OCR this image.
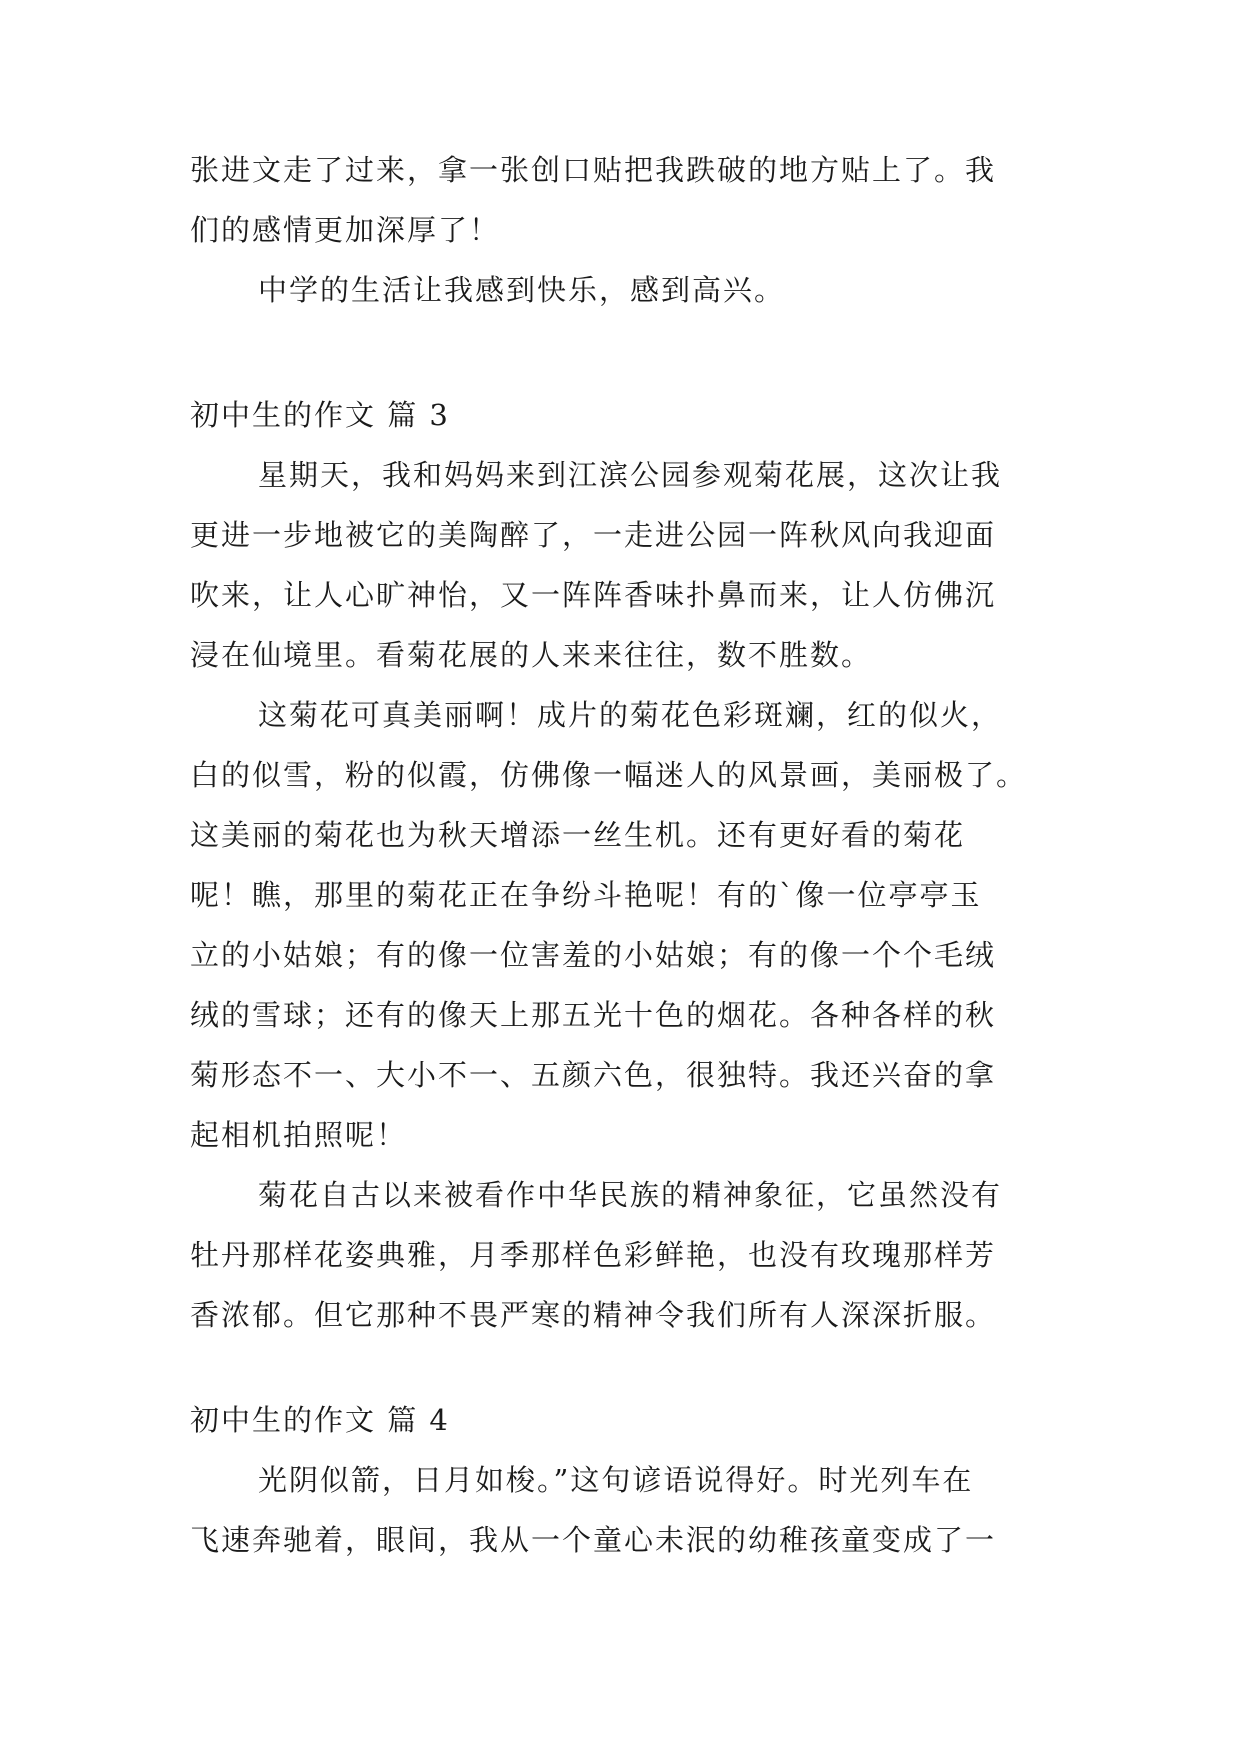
张进文走了过来，拿一张创口贴把我跌破的地方贴上了。我
们的感情更加深厚了！
中学的生活让我感到快乐，感到高兴。
初中生的作文 篇 3
星期天，我和妈妈来到江滨公园参观菊花展，这次让我
更进一步地被它的美陶醉了，一走进公园一阵秋风向我迎面
吹来，让人心旷神怡，又一阵阵香味扑鼻而来，让人仿佛沉
浸在仙境里。看菊花展的人来来往往，数不胜数。
这菊花可真美丽啊！成片的菊花色彩斑斓，红的似火，
白的似雪，粉的似霞，仿佛像一幅迷人的风景画，美丽极了。
这美丽的菊花也为秋天增添一丝生机。还有更好看的菊花
呢！瞧，那里的菊花正在争纷斗艳呢！有的`像一位亭亭玉
立的小姑娘；有的像一位害羞的小姑娘；有的像一个个毛绒
绒的雪球；还有的像天上那五光十色的烟花。各种各样的秋
菊形态不一、大小不一、五颜六色，很独特。我还兴奋的拿
起相机拍照呢！
菊花自古以来被看作中华民族的精神象征，它虽然没有
牡丹那样花姿典雅，月季那样色彩鲜艳，也没有玫瑰那样芳
香浓郁。但它那种不畏严寒的精神令我们所有人深深折服。
初中生的作文 篇 4
光阴似箭，日月如梭。”这句谚语说得好。时光列车在
飞速奔驰着，眼间，我从一个童心未泯的幼稚孩童变成了一
